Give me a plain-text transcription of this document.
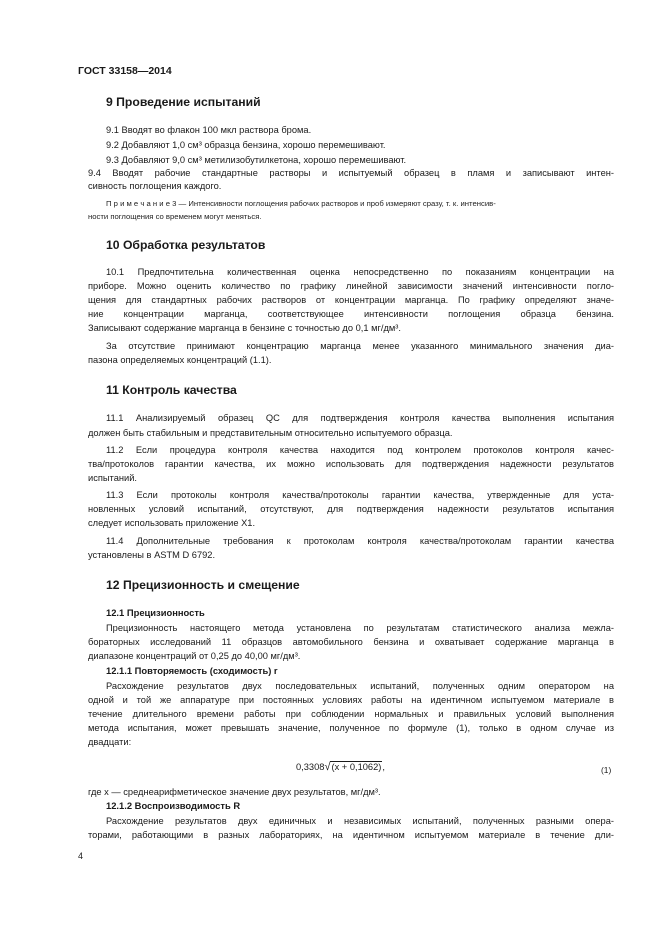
ГОСТ 33158—2014
9 Проведение испытаний
9.1 Вводят во флакон 100 мкл раствора брома.
9.2 Добавляют 1,0 см³ образца бензина, хорошо перемешивают.
9.3 Добавляют 9,0 см³ метилизобутилкетона, хорошо перемешивают.
9.4 Вводят рабочие стандартные растворы и испытуемый образец в пламя и записывают интен-
сивность поглощения каждого.
П р и м е ч а н и е 3 — Интенсивности поглощения рабочих растворов и проб измеряют сразу, т. к. интенсив-
ности поглощения со временем могут меняться.
10 Обработка результатов
10.1 Предпочтительна количественная оценка непосредственно по показаниям концентрации на
приборе. Можно оценить количество по графику линейной зависимости значений интенсивности погло-
щения для стандартных рабочих растворов от концентрации марганца. По графику определяют значе-
ние концентрации марганца, соответствующее интенсивности поглощения образца бензина.
Записывают содержание марганца в бензине с точностью до 0,1 мг/дм³.
За отсутствие принимают концентрацию марганца менее указанного минимального значения диа-
пазона определяемых концентраций (1.1).
11 Контроль качества
11.1 Анализируемый образец QC для подтверждения контроля качества выполнения испытания
должен быть стабильным и представительным относительно испытуемого образца.
11.2 Если процедура контроля качества находится под контролем протоколов контроля качес-
тва/протоколов гарантии качества, их можно использовать для подтверждения надежности результатов
испытаний.
11.3 Если протоколы контроля качества/протоколы гарантии качества, утвержденные для уста-
новленных условий испытаний, отсутствуют, для подтверждения надежности результатов испытания
следует использовать приложение Х1.
11.4 Дополнительные требования к протоколам контроля качества/протоколам гарантии качества
установлены в ASTM D 6792.
12 Прецизионность и смещение
12.1 Прецизионность
Прецизионность настоящего метода установлена по результатам статистического анализа межла-
бораторных исследований 11 образцов автомобильного бензина и охватывает содержание марганца в
диапазоне концентраций от 0,25 до 40,00 мг/дм³.
12.1.1 Повторяемость (сходимость) r
Расхождение результатов двух последовательных испытаний, полученных одним оператором на
одной и той же аппаратуре при постоянных условиях работы на идентичном испытуемом материале в
течение длительного времени работы при соблюдении нормальных и правильных условий выполнения
метода испытания, может превышать значение, полученное по формуле (1), только в одном случае из
двадцати:
0,3308√(x + 0,1062),	(1)
где x — среднеарифметическое значение двух результатов, мг/дм³.
12.1.2 Воспроизводимость R
Расхождение результатов двух единичных и независимых испытаний, полученных разными опера-
торами, работающими в разных лабораториях, на идентичном испытуемом материале в течение дли-
4
